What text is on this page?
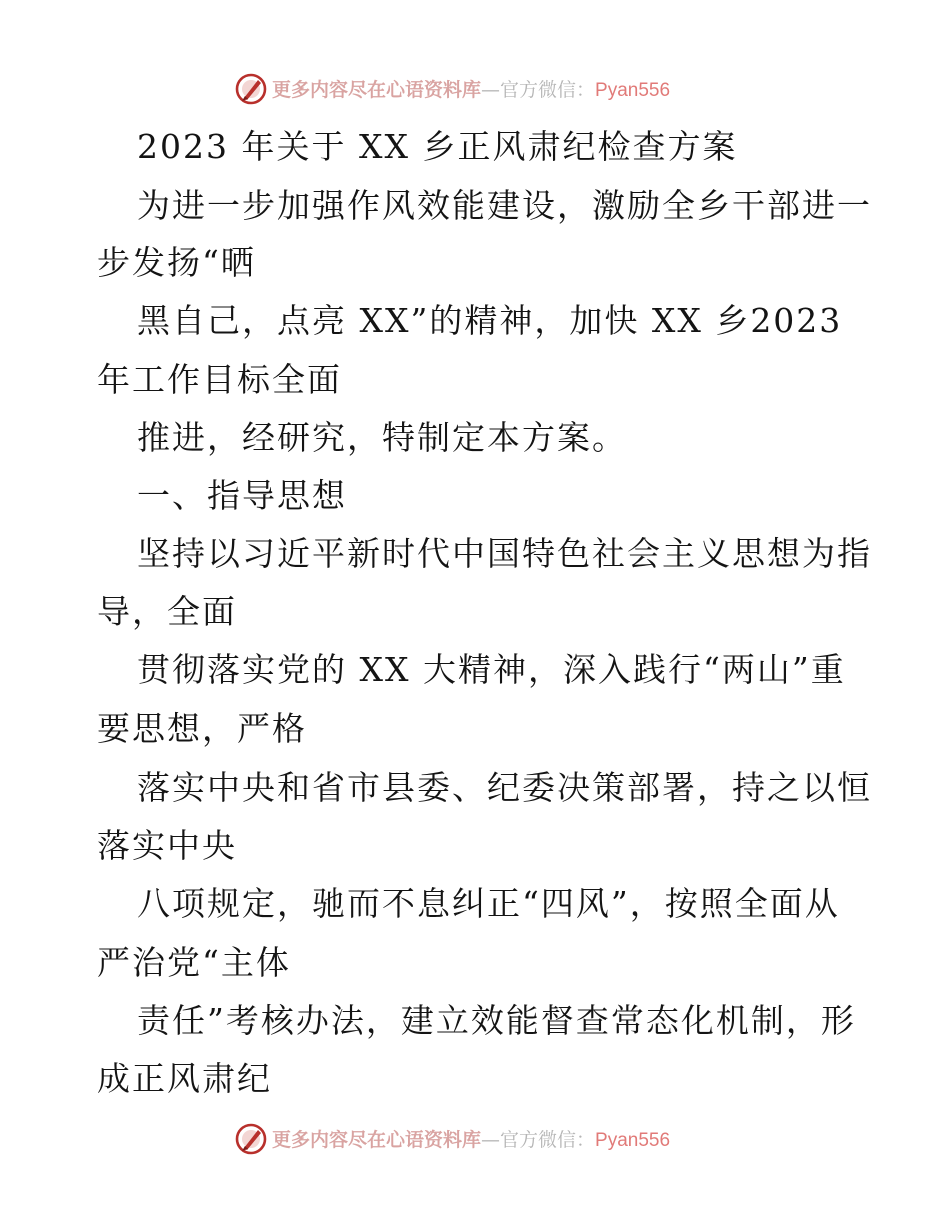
更多内容尽在心语资料库—官方微信：Pyan556
2023 年关于 XX 乡正风肃纪检查方案
为进一步加强作风效能建设，激励全乡干部进一
步发扬“晒
黑自己，点亮 XX”的精神，加快 XX 乡2023
年工作目标全面
推进，经研究，特制定本方案。
一、指导思想
坚持以习近平新时代中国特色社会主义思想为指
导，全面
贯彻落实党的 XX 大精神，深入践行“两山”重
要思想，严格
落实中央和省市县委、纪委决策部署，持之以恒
落实中央
八项规定，驰而不息纠正“四风”，按照全面从
严治党“主体
责任”考核办法，建立效能督查常态化机制，形
成正风肃纪
更多内容尽在心语资料库—官方微信：Pyan556
